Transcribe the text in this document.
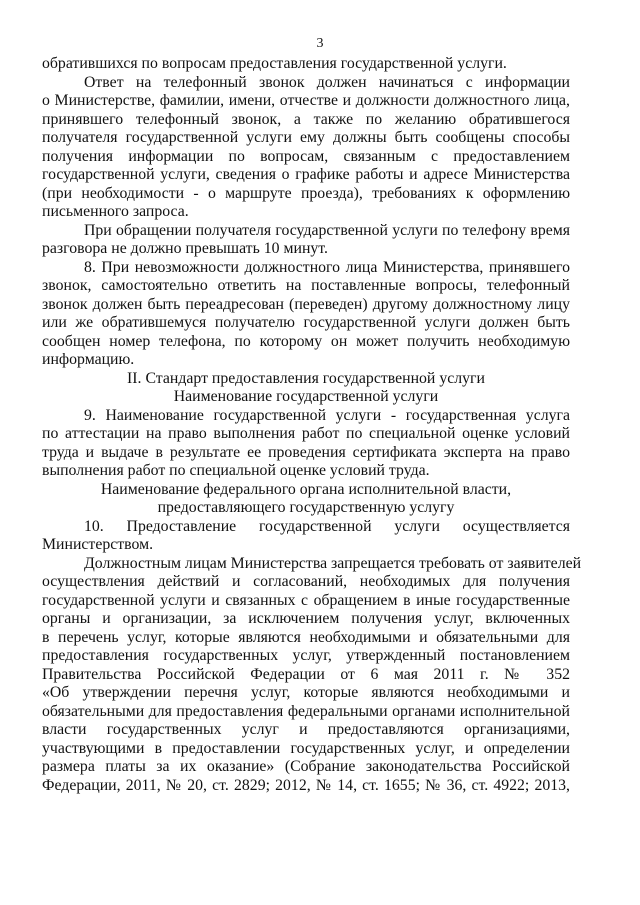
3
обратившихся по вопросам предоставления государственной услуги.
Ответ на телефонный звонок должен начинаться с информации
о Министерстве, фамилии, имени, отчестве и должности должностного лица,
принявшего телефонный звонок, а также по желанию обратившегося
получателя государственной услуги ему должны быть сообщены способы
получения информации по вопросам, связанным с предоставлением
государственной услуги, сведения о графике работы и адресе Министерства
(при необходимости - о маршруте проезда), требованиях к оформлению
письменного запроса.
При обращении получателя государственной услуги по телефону время
разговора не должно превышать 10 минут.
8. При невозможности должностного лица Министерства, принявшего
звонок, самостоятельно ответить на поставленные вопросы, телефонный
звонок должен быть переадресован (переведен) другому должностному лицу
или же обратившемуся получателю государственной услуги должен быть
сообщен номер телефона, по которому он может получить необходимую
информацию.
II. Стандарт предоставления государственной услуги
Наименование государственной услуги
9. Наименование государственной услуги - государственная услуга
по аттестации на право выполнения работ по специальной оценке условий
труда и выдаче в результате ее проведения сертификата эксперта на право
выполнения работ по специальной оценке условий труда.
Наименование федерального органа исполнительной власти,
предоставляющего государственную услугу
10. Предоставление государственной услуги осуществляется
Министерством.
Должностным лицам Министерства запрещается требовать от заявителей
осуществления действий и согласований, необходимых для получения
государственной услуги и связанных с обращением в иные государственные
органы и организации, за исключением получения услуг, включенных
в перечень услуг, которые являются необходимыми и обязательными для
предоставления государственных услуг, утвержденный постановлением
Правительства Российской Федерации от 6 мая 2011 г. № 352
«Об утверждении перечня услуг, которые являются необходимыми и
обязательными для предоставления федеральными органами исполнительной
власти государственных услуг и предоставляются организациями,
участвующими в предоставлении государственных услуг, и определении
размера платы за их оказание» (Собрание законодательства Российской
Федерации, 2011, № 20, ст. 2829; 2012, № 14, ст. 1655; № 36, ст. 4922; 2013,
